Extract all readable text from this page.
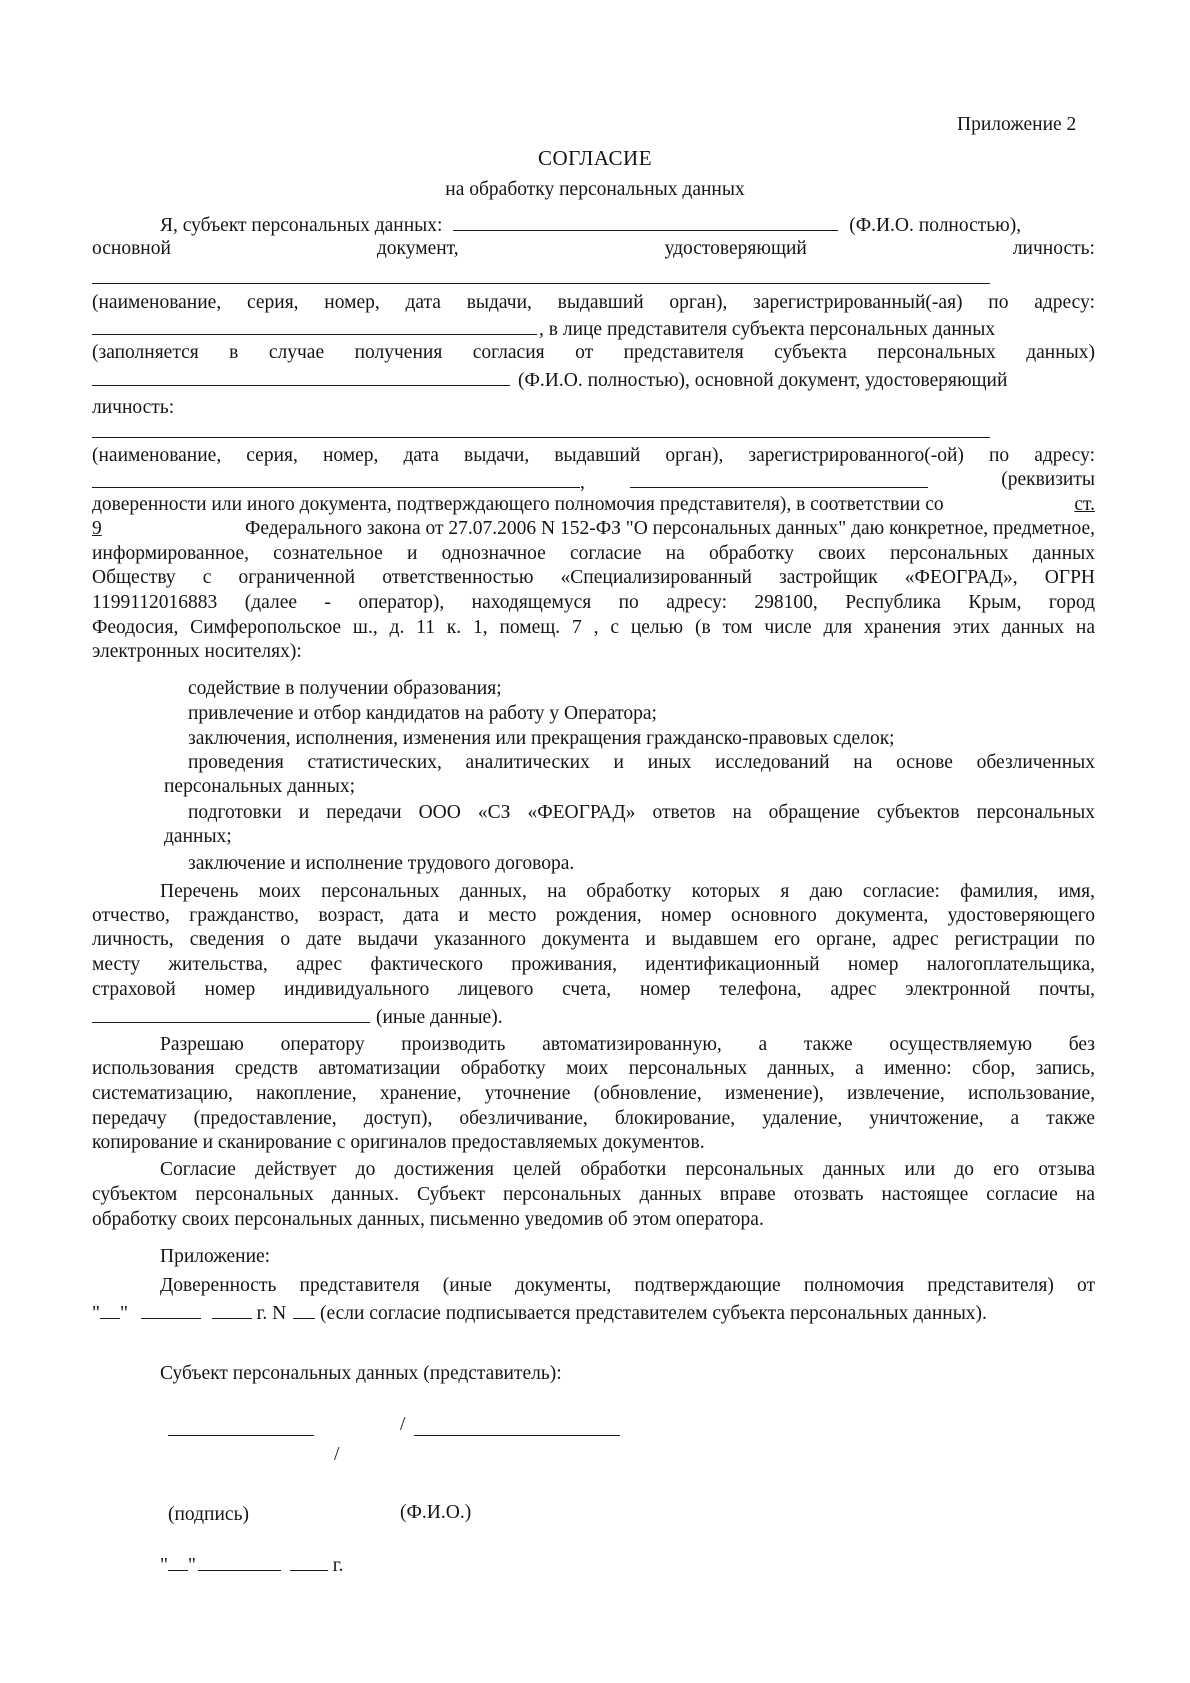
Приложение 2
СОГЛАСИЕ
на обработку персональных данных
Я, субъект персональных данных:	(Ф.И.О. полностью),
основной	документ,	удостоверяющий	личность:
(наименование, серия, номер, дата выдачи, выдавший орган), зарегистрированный(-ая) по адресу:
, в лице представителя субъекта персональных данных
(заполняется в случае получения согласия от представителя субъекта персональных данных)
(Ф.И.О. полностью), основной документ, удостоверяющий
личность:
(наименование, серия, номер, дата выдачи, выдавший орган), зарегистрированного(-ой) по адресу:
,	(реквизиты
доверенности или иного документа, подтверждающего полномочия представителя), в соответствии со	ст.
9	Федерального закона от 27.07.2006 N 152-ФЗ "О персональных данных" даю конкретное, предметное,
информированное, сознательное и однозначное согласие на обработку своих персональных данных
Обществу с ограниченной ответственностью «Специализированный застройщик «ФЕОГРАД», ОГРН
1199112016883 (далее - оператор), находящемуся по адресу: 298100, Республика Крым, город
Феодосия, Симферопольское ш., д. 11 к. 1, помещ. 7 , с целью (в том числе для хранения этих данных на
электронных носителях):
содействие в получении образования;
привлечение и отбор кандидатов на работу у Оператора;
заключения, исполнения, изменения или прекращения гражданско-правовых сделок;
проведения статистических, аналитических и иных исследований на основе обезличенных
персональных данных;
подготовки и передачи ООО «СЗ «ФЕОГРАД» ответов на обращение субъектов персональных
данных;
заключение и исполнение трудового договора.
Перечень моих персональных данных, на обработку которых я даю согласие: фамилия, имя,
отчество, гражданство, возраст, дата и место рождения, номер основного документа, удостоверяющего
личность, сведения о дате выдачи указанного документа и выдавшем его органе, адрес регистрации по
месту жительства, адрес фактического проживания, идентификационный номер налогоплательщика,
страховой номер индивидуального лицевого счета, номер телефона, адрес электронной почты,
(иные данные).
Разрешаю оператору производить автоматизированную, а также осуществляемую без
использования средств автоматизации обработку моих персональных данных, а именно: сбор, запись,
систематизацию, накопление, хранение, уточнение (обновление, изменение), извлечение, использование,
передачу (предоставление, доступ), обезличивание, блокирование, удаление, уничтожение, а также
копирование и сканирование с оригиналов предоставляемых документов.
Согласие действует до достижения целей обработки персональных данных или до его отзыва
субъектом персональных данных. Субъект персональных данных вправе отозвать настоящее согласие на
обработку своих персональных данных, письменно уведомив об этом оператора.
Приложение:
Доверенность представителя (иные документы, подтверждающие полномочия представителя) от
" "	г. N (если согласие подписывается представителем субъекта персональных данных).
Субъект персональных данных (представитель):
/
/
(подпись)	(Ф.И.О.)
" "	г.
